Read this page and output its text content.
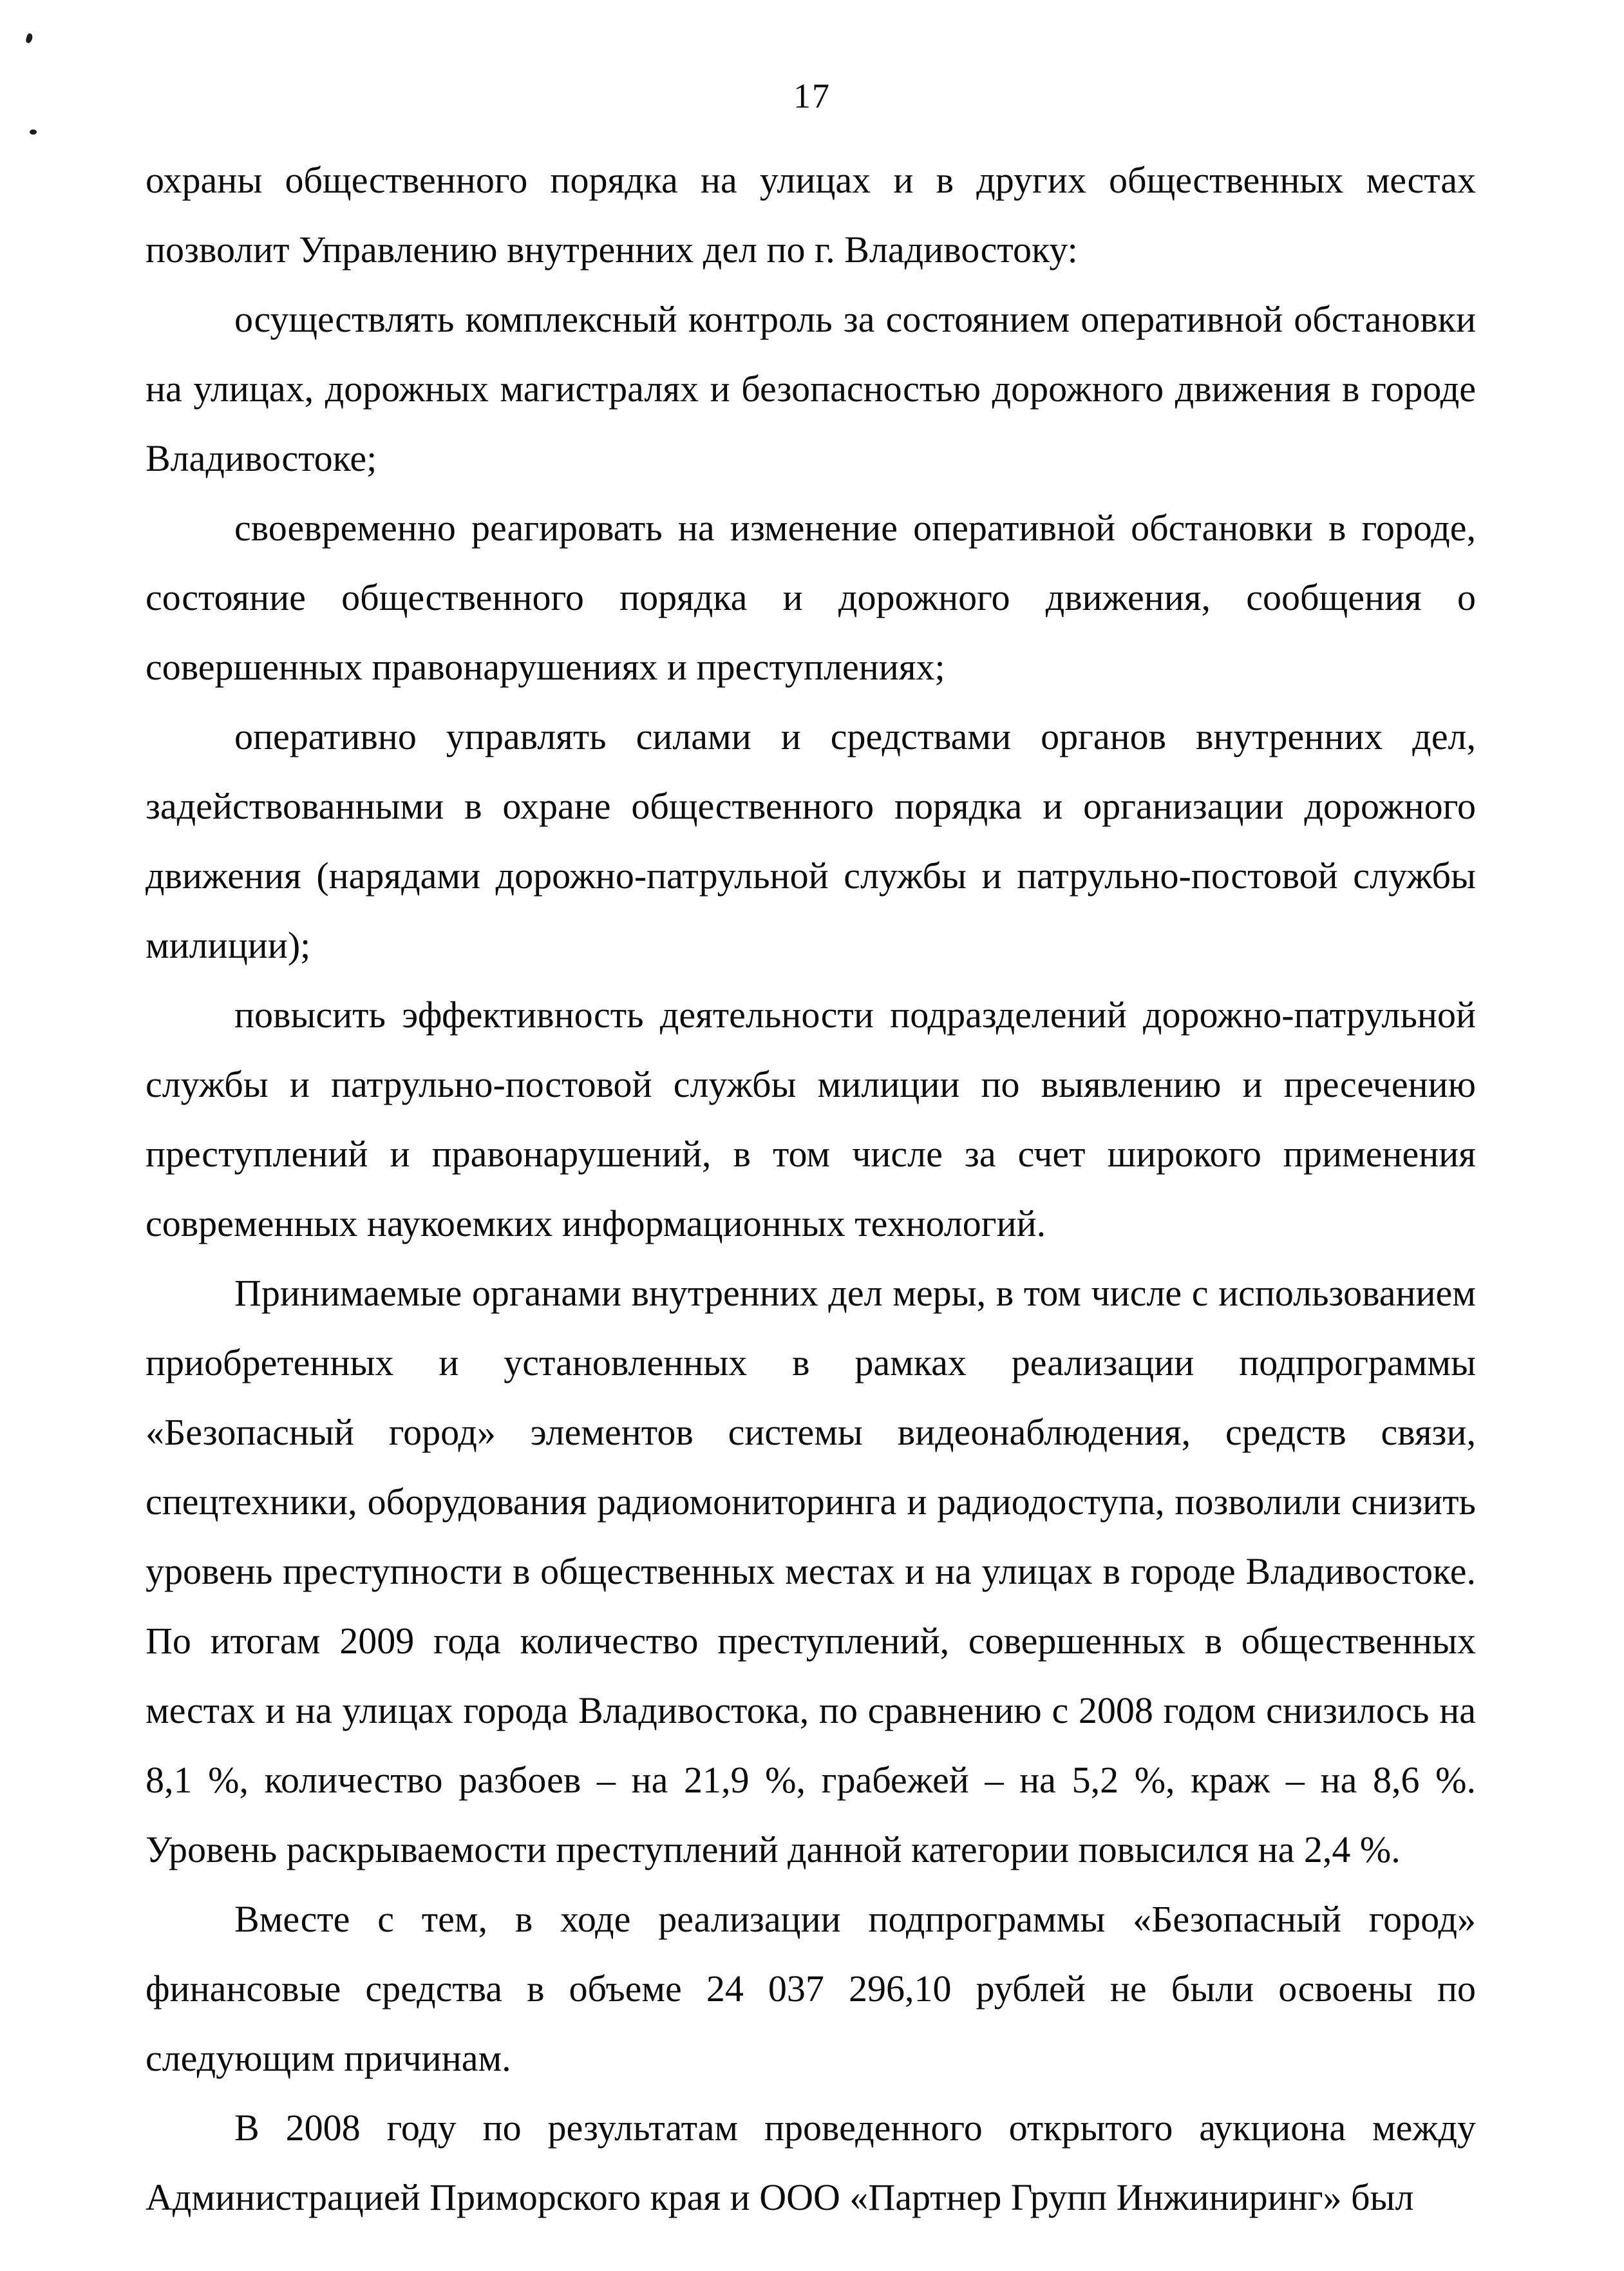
17

охраны общественного порядка на улицах и в других общественных местах позволит Управлению внутренних дел по г. Владивостоку:

осуществлять комплексный контроль за состоянием оперативной обстановки на улицах, дорожных магистралях и безопасностью дорожного движения в городе Владивостоке;

своевременно реагировать на изменение оперативной обстановки в городе, состояние общественного порядка и дорожного движения, сообщения о совершенных правонарушениях и преступлениях;

оперативно управлять силами и средствами органов внутренних дел, задействованными в охране общественного порядка и организации дорожного движения (нарядами дорожно-патрульной службы и патрульно-постовой службы милиции);

повысить эффективность деятельности подразделений дорожно-патрульной службы и патрульно-постовой службы милиции по выявлению и пресечению преступлений и правонарушений, в том числе за счет широкого применения современных наукоемких информационных технологий.

Принимаемые органами внутренних дел меры, в том числе с использованием приобретенных и установленных в рамках реализации подпрограммы «Безопасный город» элементов системы видеонаблюдения, средств связи, спецтехники, оборудования радиомониторинга и радиодоступа, позволили снизить уровень преступности в общественных местах и на улицах в городе Владивостоке. По итогам 2009 года количество преступлений, совершенных в общественных местах и на улицах города Владивостока, по сравнению с 2008 годом снизилось на 8,1 %, количество разбоев – на 21,9 %, грабежей – на 5,2 %, краж – на 8,6 %. Уровень раскрываемости преступлений данной категории повысился на 2,4 %.

Вместе с тем, в ходе реализации подпрограммы «Безопасный город» финансовые средства в объеме 24 037 296,10 рублей не были освоены по следующим причинам.

В 2008 году по результатам проведенного открытого аукциона между Администрацией Приморского края и ООО «Партнер Групп Инжиниринг» был
